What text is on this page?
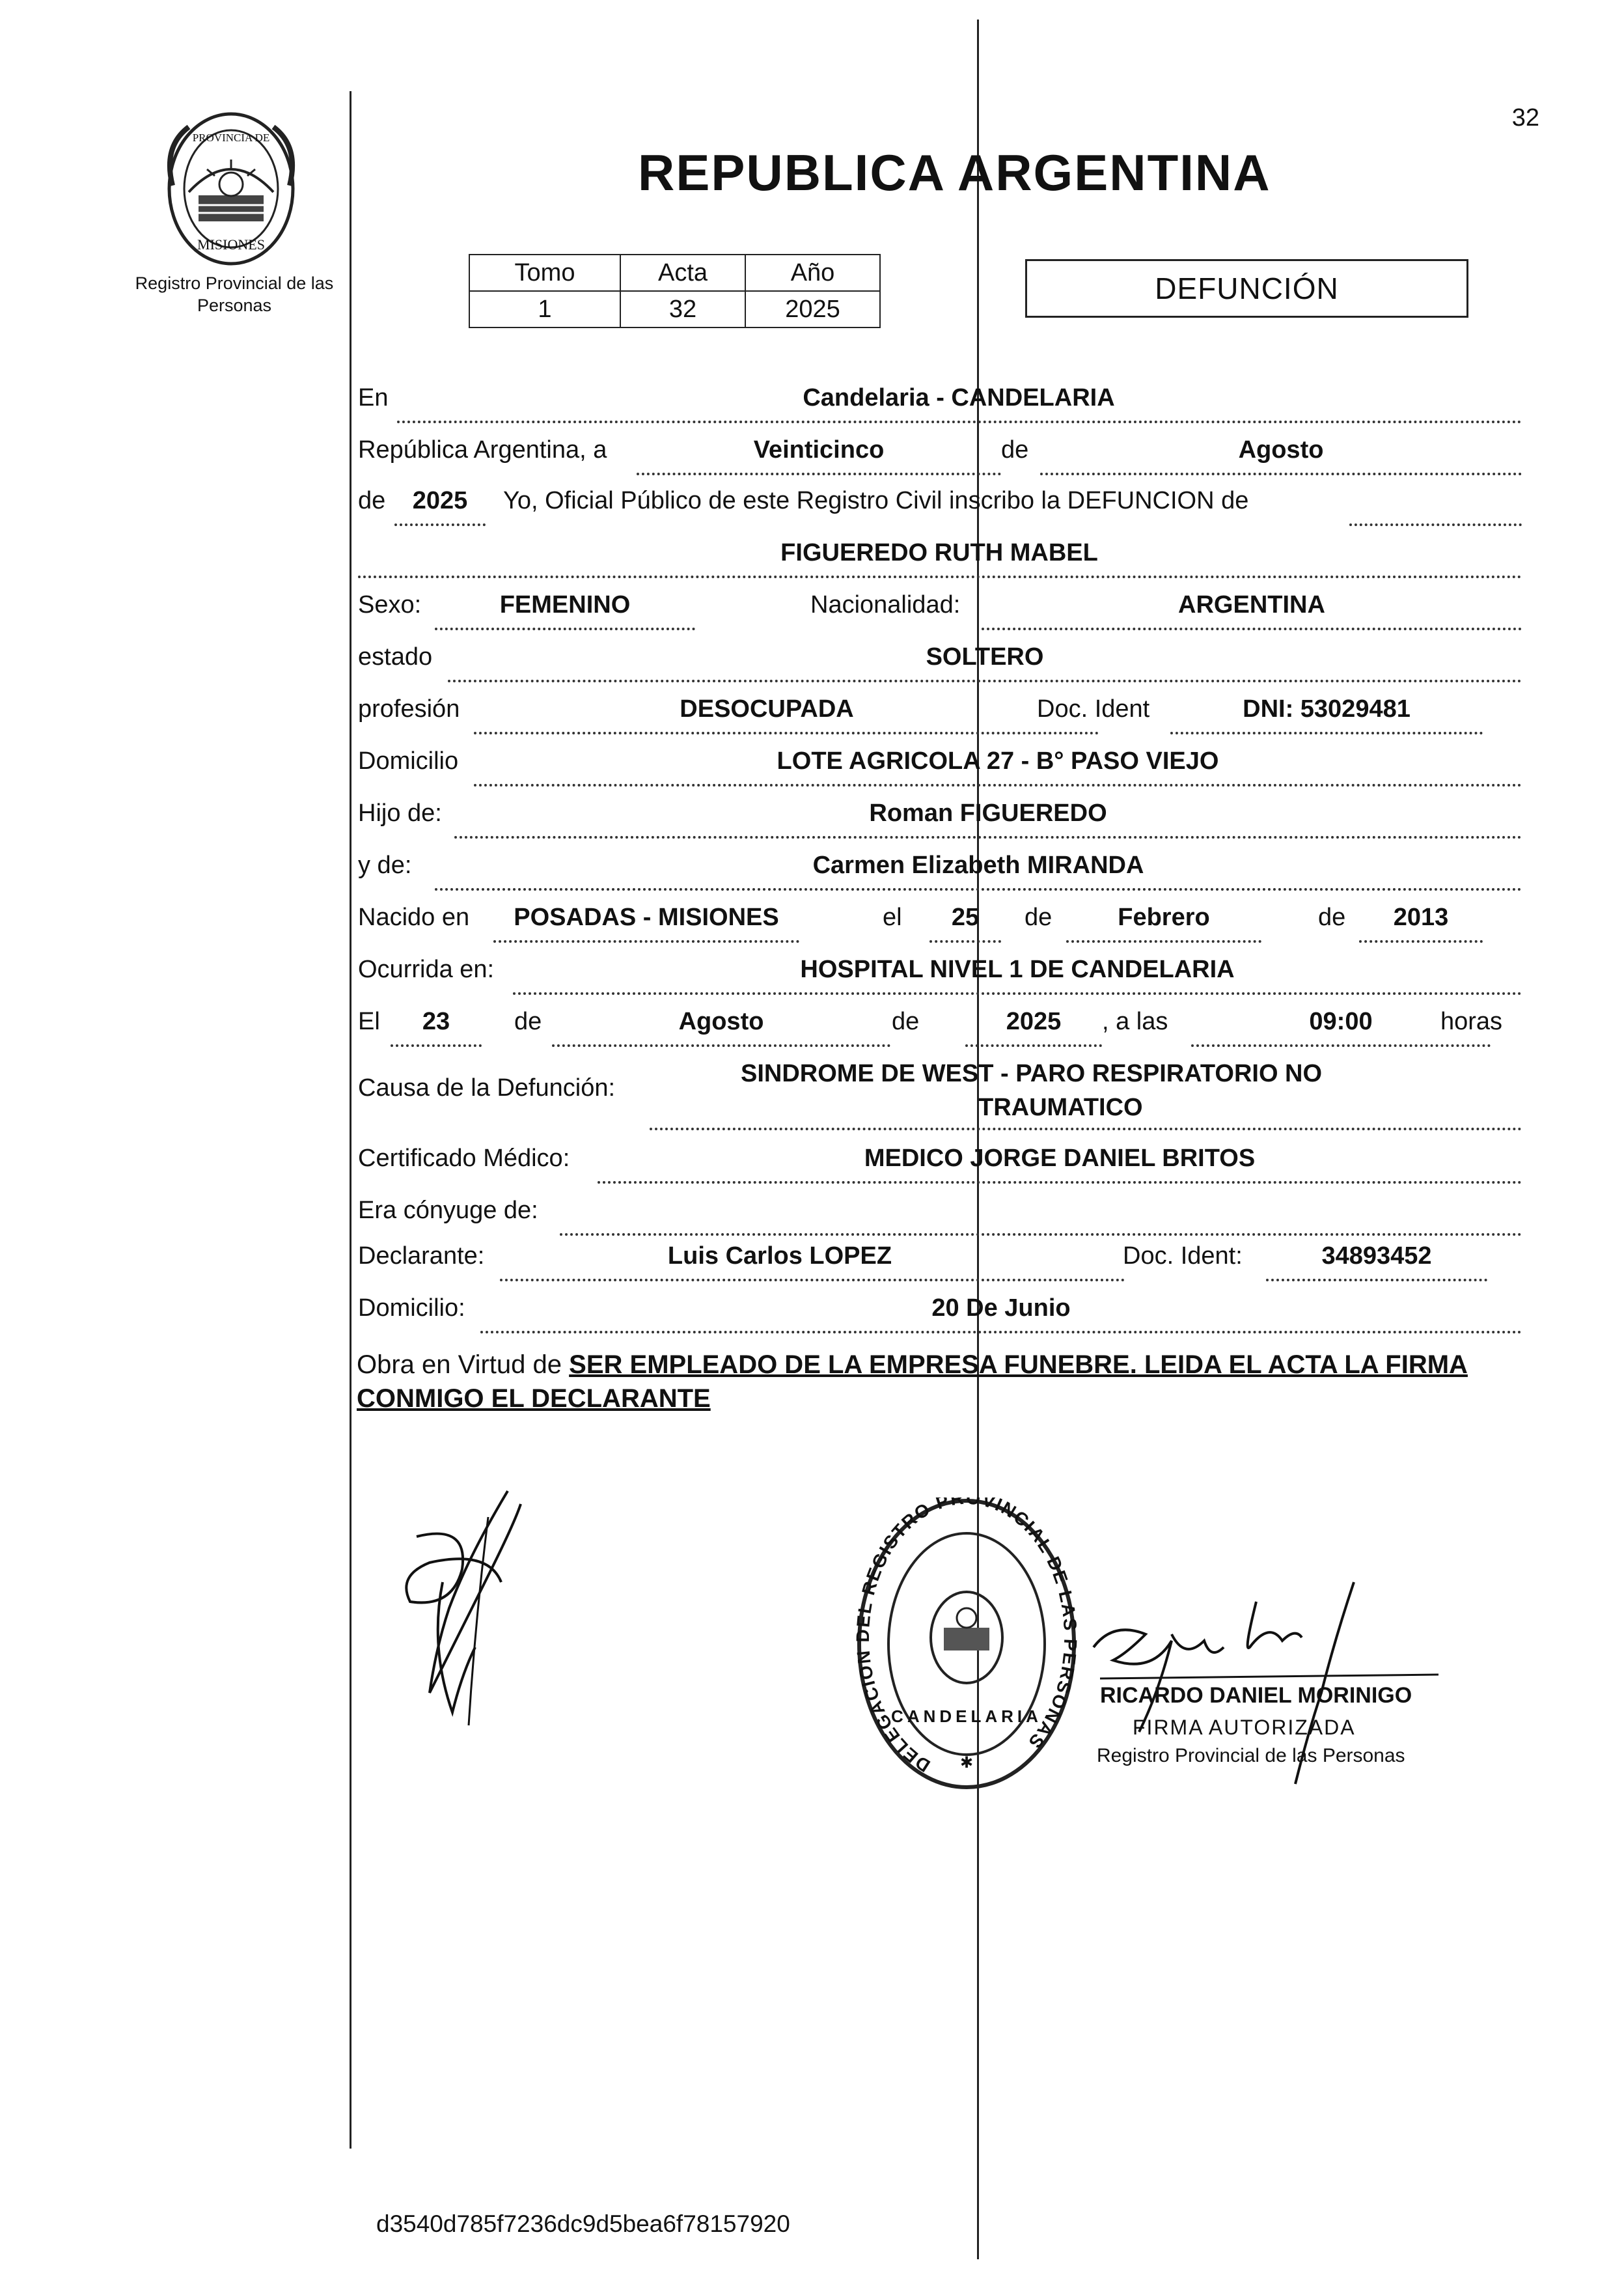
32
PROVINCIA DE
MISIONES
Registro Provincial de las Personas
REPUBLICA ARGENTINA
Tomo	Acta	Año
1	32	2025
DEFUNCIÓN
En	Candelaria - CANDELARIA
República Argentina, a	Veinticinco	de	Agosto
de	2025	Yo, Oficial Público de este Registro Civil inscribo la DEFUNCION de
FIGUEREDO RUTH MABEL
Sexo:	FEMENINO	Nacionalidad:	ARGENTINA
estado	SOLTERO
profesión	DESOCUPADA	Doc. Ident	DNI: 53029481
Domicilio	LOTE AGRICOLA 27 - B° PASO VIEJO
Hijo de:	Roman FIGUEREDO
y de:	Carmen Elizabeth MIRANDA
Nacido en	POSADAS - MISIONES	el	25	de	Febrero	de	2013
Ocurrida en:	HOSPITAL NIVEL 1 DE CANDELARIA
El	23	de	Agosto	de	2025	, a las	09:00	horas
Causa de la Defunción:
SINDROME DE WEST - PARO RESPIRATORIO NO
TRAUMATICO
Certificado Médico:	MEDICO JORGE DANIEL BRITOS
Era cónyuge de:
Declarante:	Luis Carlos LOPEZ	Doc. Ident:	34893452
Domicilio:	20 De Junio
Obra en Virtud de SER EMPLEADO DE LA EMPRESA FUNEBRE. LEIDA EL ACTA LA FIRMA CONMIGO EL DECLARANTE
DELEGACION DEL REGISTRO PROVINCIAL DE LAS PERSONAS
CANDELARIA
✱
RICARDO DANIEL MORINIGO
FIRMA AUTORIZADA
Registro Provincial de las Personas
d3540d785f7236dc9d5bea6f78157920
